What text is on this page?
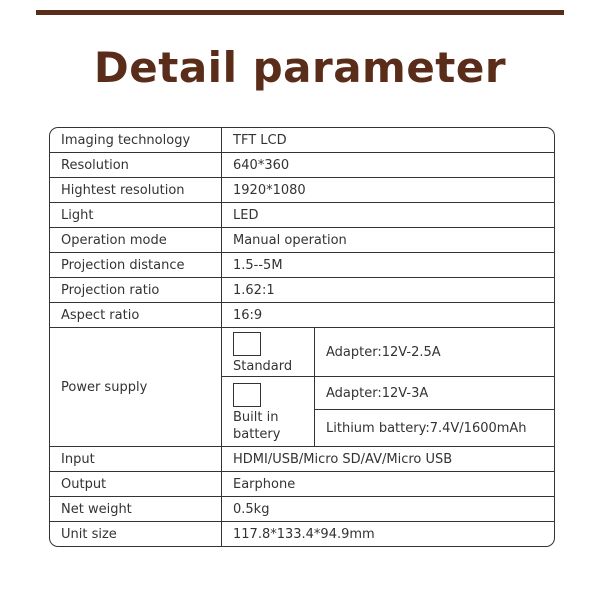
Detail parameter
Imaging technology	TFT LCD	
Resolution	640*360	
Hightest resolution	1920*1080	
Light	LED	
Operation mode	Manual operation	
Projection distance	1.5--5M	
Projection ratio	1.62:1	
Aspect ratio	16:9	
Power supply	Standard	Adapter:12V-2.5A

	Built in battery	Adapter:12V-3A
		Lithium battery:7.4V/1600mAh
Input	HDMI/USB/Micro SD/AV/Micro USB	
Output	Earphone	
Net weight	0.5kg	
Unit size	117.8*133.4*94.9mm	
